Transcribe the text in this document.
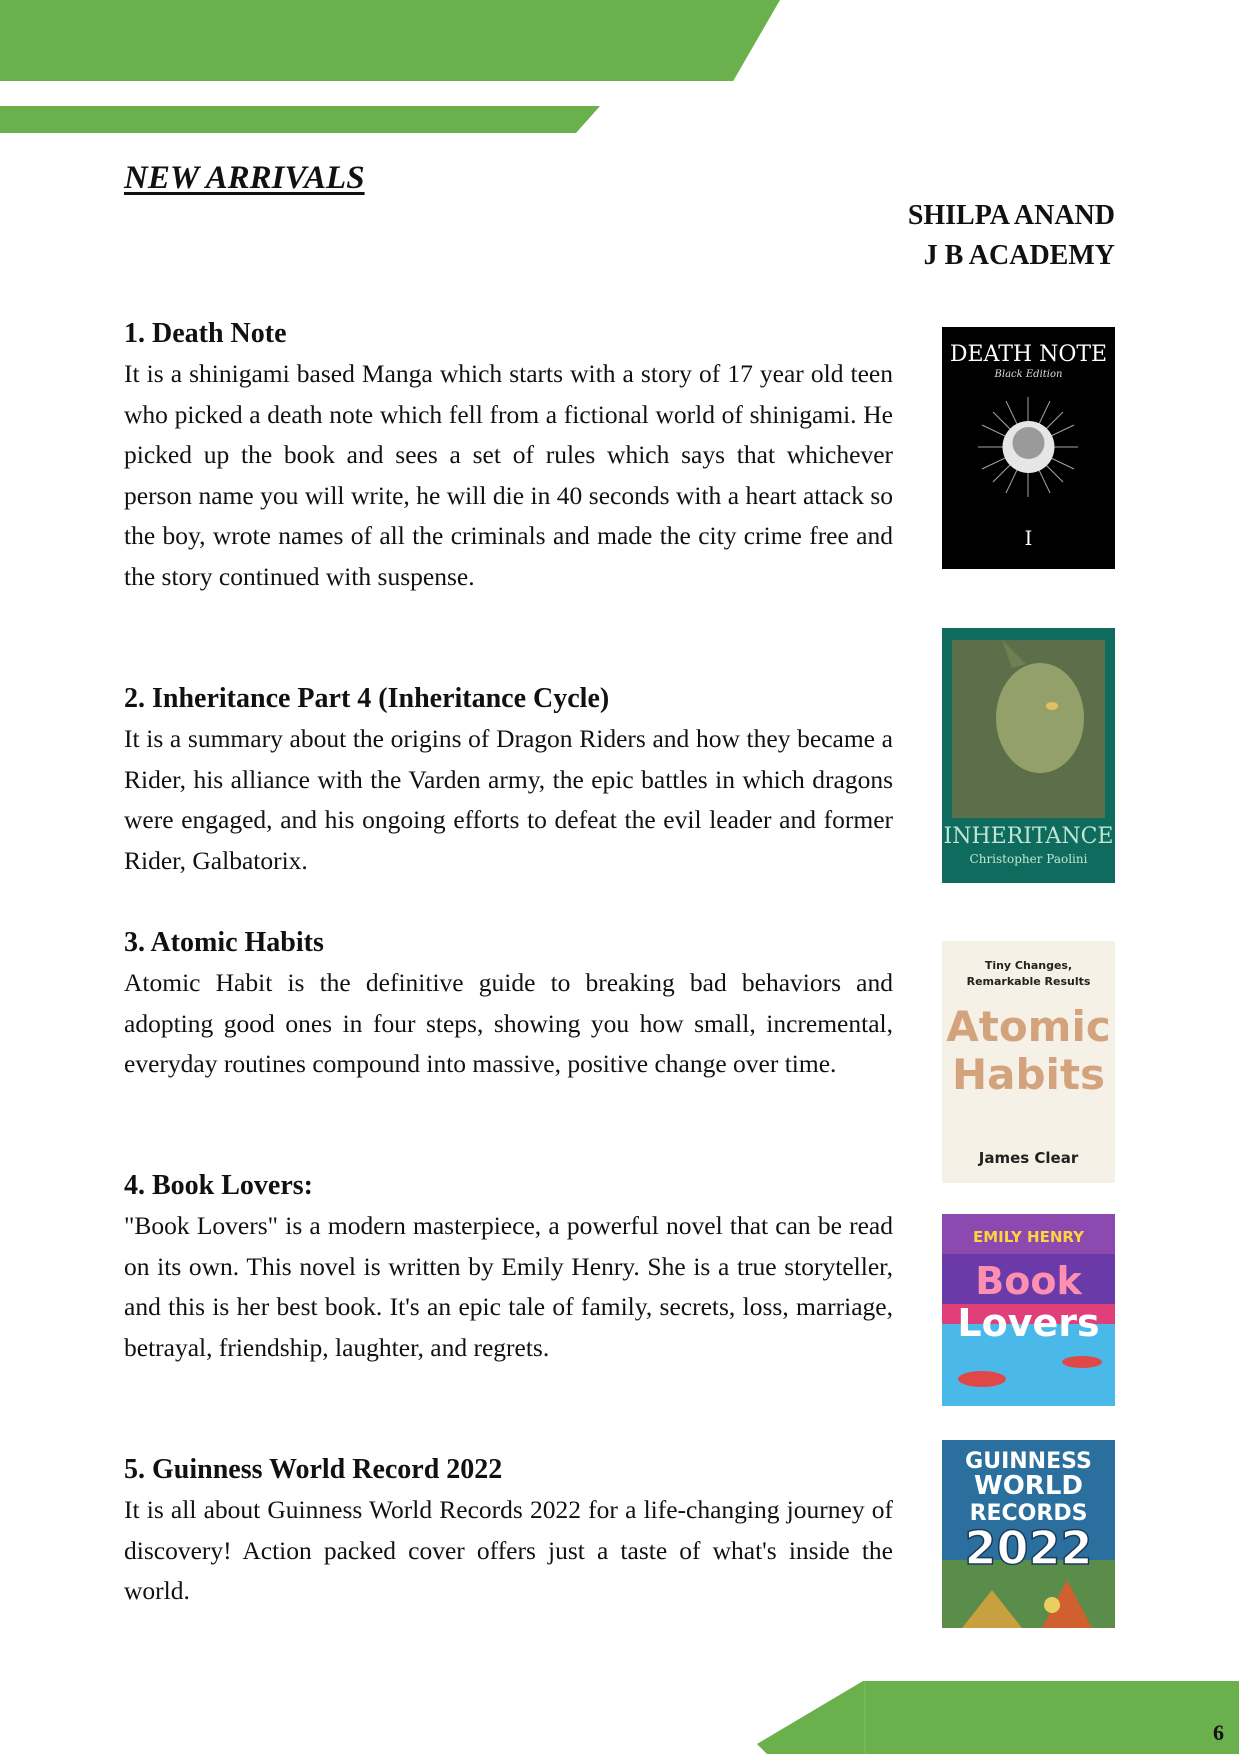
NEW ARRIVALS
SHILPA ANAND
J B ACADEMY
1. Death Note

It is a shinigami based Manga which starts with a story of 17 year old teen who picked a death note which fell from a fictional world of shinigami. He picked up the book and sees a set of rules which says that whichever person name you will write, he will die in 40 seconds with a heart attack so the boy, wrote names of all the criminals and made the city crime free and the story continued with suspense.

DEATH NOTE
Black Edition
I
2. Inheritance Part 4 (Inheritance Cycle)

It is a summary about the origins of Dragon Riders and how they became a Rider, his alliance with the Varden army, the epic battles in which dragons were engaged, and his ongoing efforts to defeat the evil leader and former Rider, Galbatorix.

INHERITANCE
Christopher Paolini
3. Atomic Habits

Atomic Habit is the definitive guide to breaking bad behaviors and adopting good ones in four steps, showing you how small, incremental, everyday routines compound into massive, positive change over time.

Tiny Changes,
Remarkable Results
Atomic
Habits
James Clear
4. Book Lovers:

"Book Lovers" is a modern masterpiece, a powerful novel that can be read on its own. This novel is written by Emily Henry. She is a true storyteller, and this is her best book. It's an epic tale of family, secrets, loss, marriage, betrayal, friendship, laughter, and regrets.

EMILY HENRY
Book
Lovers
5. Guinness World Record 2022

It is all about Guinness World Records 2022 for a life-changing journey of discovery! Action packed cover offers just a taste of what's inside the world.

GUINNESS
WORLD
RECORDS
2022
6
